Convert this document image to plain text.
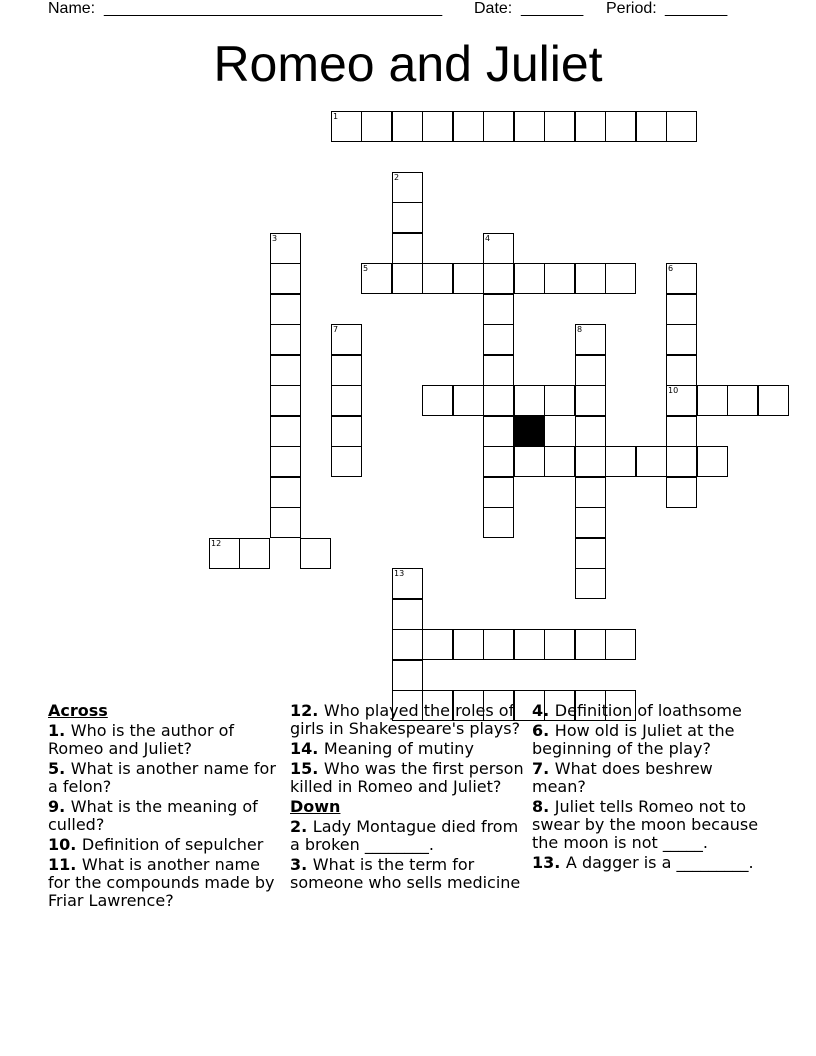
Name: ______________________________________ Date: _______ Period: _______
Romeo and Juliet
1
2
3	4
5	6
10
7	8
12
13
Across
1. Who is the author of Romeo and Juliet?
5. What is another name for a felon?
9. What is the meaning of culled?
10. Definition of sepulcher
11. What is another name for the compounds made by Friar Lawrence?
12. Who played the roles of girls in Shakespeare's plays?
14. Meaning of mutiny
15. Who was the first person killed in Romeo and Juliet?
Down
2. Lady Montague died from a broken ________.
3. What is the term for someone who sells medicine
4. Definition of loathsome
6. How old is Juliet at the beginning of the play?
7. What does beshrew mean?
8. Juliet tells Romeo not to swear by the moon because the moon is not _____.
13. A dagger is a _________.
